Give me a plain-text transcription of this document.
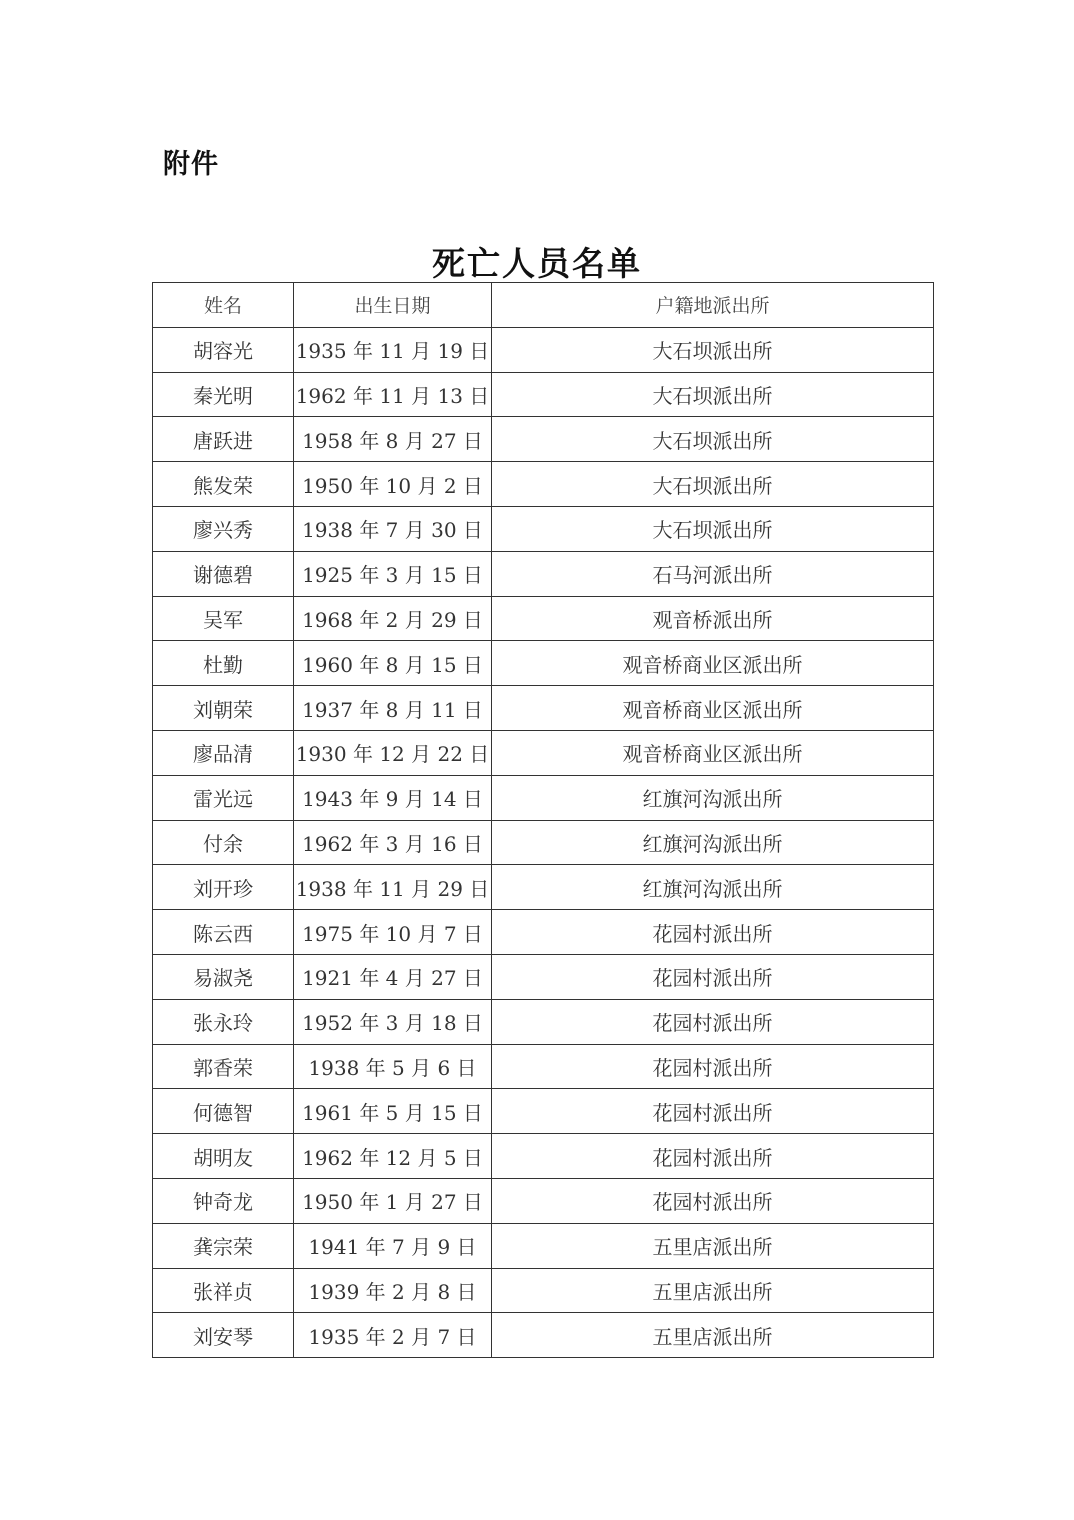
附件
死亡人员名单
姓名	出生日期	户籍地派出所
胡容光	1935 年 11 月 19 日	大石坝派出所
秦光明	1962 年 11 月 13 日	大石坝派出所
唐跃进	1958 年 8 月 27 日	大石坝派出所
熊发荣	1950 年 10 月 2 日	大石坝派出所
廖兴秀	1938 年 7 月 30 日	大石坝派出所
谢德碧	1925 年 3 月 15 日	石马河派出所
吴军	1968 年 2 月 29 日	观音桥派出所
杜勤	1960 年 8 月 15 日	观音桥商业区派出所
刘朝荣	1937 年 8 月 11 日	观音桥商业区派出所
廖品清	1930 年 12 月 22 日	观音桥商业区派出所
雷光远	1943 年 9 月 14 日	红旗河沟派出所
付余	1962 年 3 月 16 日	红旗河沟派出所
刘开珍	1938 年 11 月 29 日	红旗河沟派出所
陈云西	1975 年 10 月 7 日	花园村派出所
易淑尧	1921 年 4 月 27 日	花园村派出所
张永玲	1952 年 3 月 18 日	花园村派出所
郭香荣	1938 年 5 月 6 日	花园村派出所
何德智	1961 年 5 月 15 日	花园村派出所
胡明友	1962 年 12 月 5 日	花园村派出所
钟奇龙	1950 年 1 月 27 日	花园村派出所
龚宗荣	1941 年 7 月 9 日	五里店派出所
张祥贞	1939 年 2 月 8 日	五里店派出所
刘安琴	1935 年 2 月 7 日	五里店派出所
